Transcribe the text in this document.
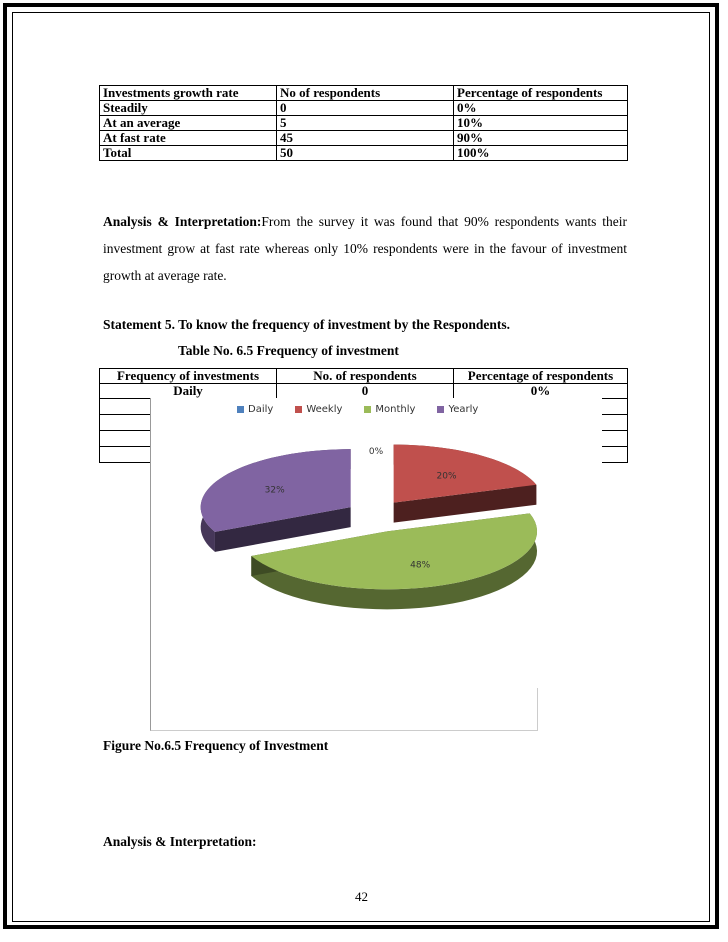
Investments growth rate	No of respondents	Percentage of respondents
Steadily	0	0%
At an average	5	10%
At fast rate	45	90%
Total	50	100%
Analysis & Interpretation:From the survey it was found that 90% respondents wants their investment grow at fast rate whereas only 10% respondents were in the favour of investment growth at average rate.
Statement 5. To know the frequency of investment by the Respondents.
Table No. 6.5 Frequency of investment
Frequency of investments	No. of respondents	Percentage of respondents
Daily	0	0%

Daily	Weekly	Monthly	Yearly
0%
20%
48%
32%
Figure No.6.5 Frequency of Investment
Analysis & Interpretation:
42
